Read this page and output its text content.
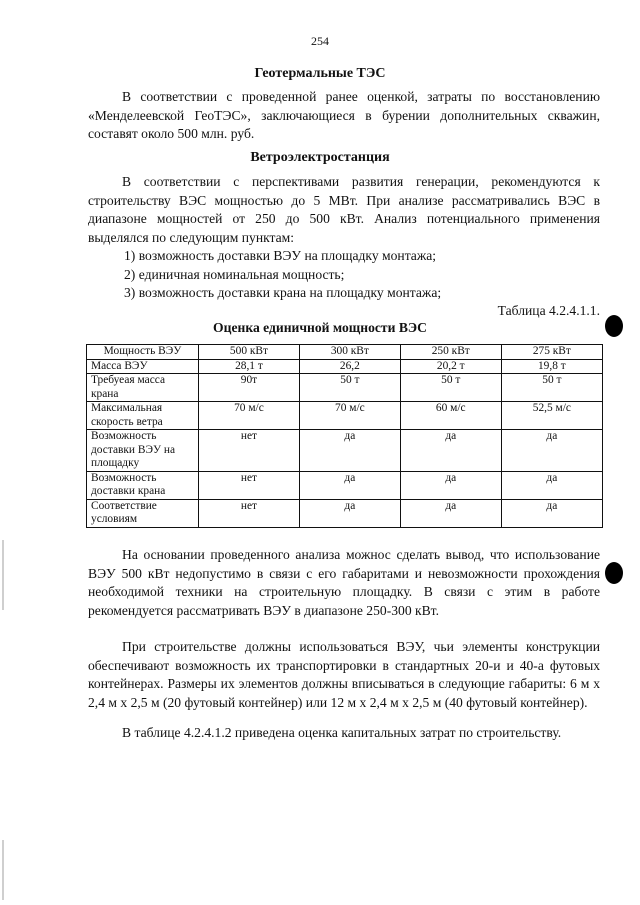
254
Геотермальные ТЭС
В соответствии с проведенной ранее оценкой, затраты по восстановлению «Менделеевской ГеоТЭС», заключающиеся в бурении дополнительных скважин, составят около 500 млн. руб.
Ветроэлектростанция
В соответствии с перспективами развития генерации, рекомендуются к строительству ВЭС мощностью до 5 МВт. При анализе рассматривались ВЭС в диапазоне мощностей от 250 до 500 кВт. Анализ потенциального применения выделялся по следующим пунктам:
1) возможность доставки ВЭУ на площадку монтажа;
2) единичная номинальная мощность;
3) возможность доставки крана на площадку монтажа;
Таблица 4.2.4.1.1.
Оценка единичной мощности ВЭС
Мощность ВЭУ	500 кВт	300 кВт	250 кВт	275 кВт
Масса ВЭУ	28,1 т	26,2	20,2 т	19,8 т
Требуеая масса крана	90т	50 т	50 т	50 т
Максимальная скорость ветра	70 м/с	70 м/с	60 м/с	52,5 м/с
Возможность доставки ВЭУ на площадку	нет	да	да	да
Возможность доставки крана	нет	да	да	да
Соответствие условиям	нет	да	да	да
На основании проведенного анализа можнос сделать вывод, что использование ВЭУ 500 кВт недопустимо в связи с его габаритами и невозможности прохождения необходимой техники на строительную площадку. В связи с этим в работе рекомендуется рассматривать ВЭУ в диапазоне 250-300 кВт.
При строительстве должны использоваться ВЭУ, чьи элементы конструкции обеспечивают возможность их транспортировки в стандартных 20-и и 40-а футовых контейнерах. Размеры их элементов должны вписываться в следующие габариты: 6 м х 2,4 м х 2,5 м (20 футовый контейнер) или 12 м х 2,4 м х 2,5 м (40 футовый контейнер).
В таблице 4.2.4.1.2 приведена оценка капитальных затрат по строительству.
